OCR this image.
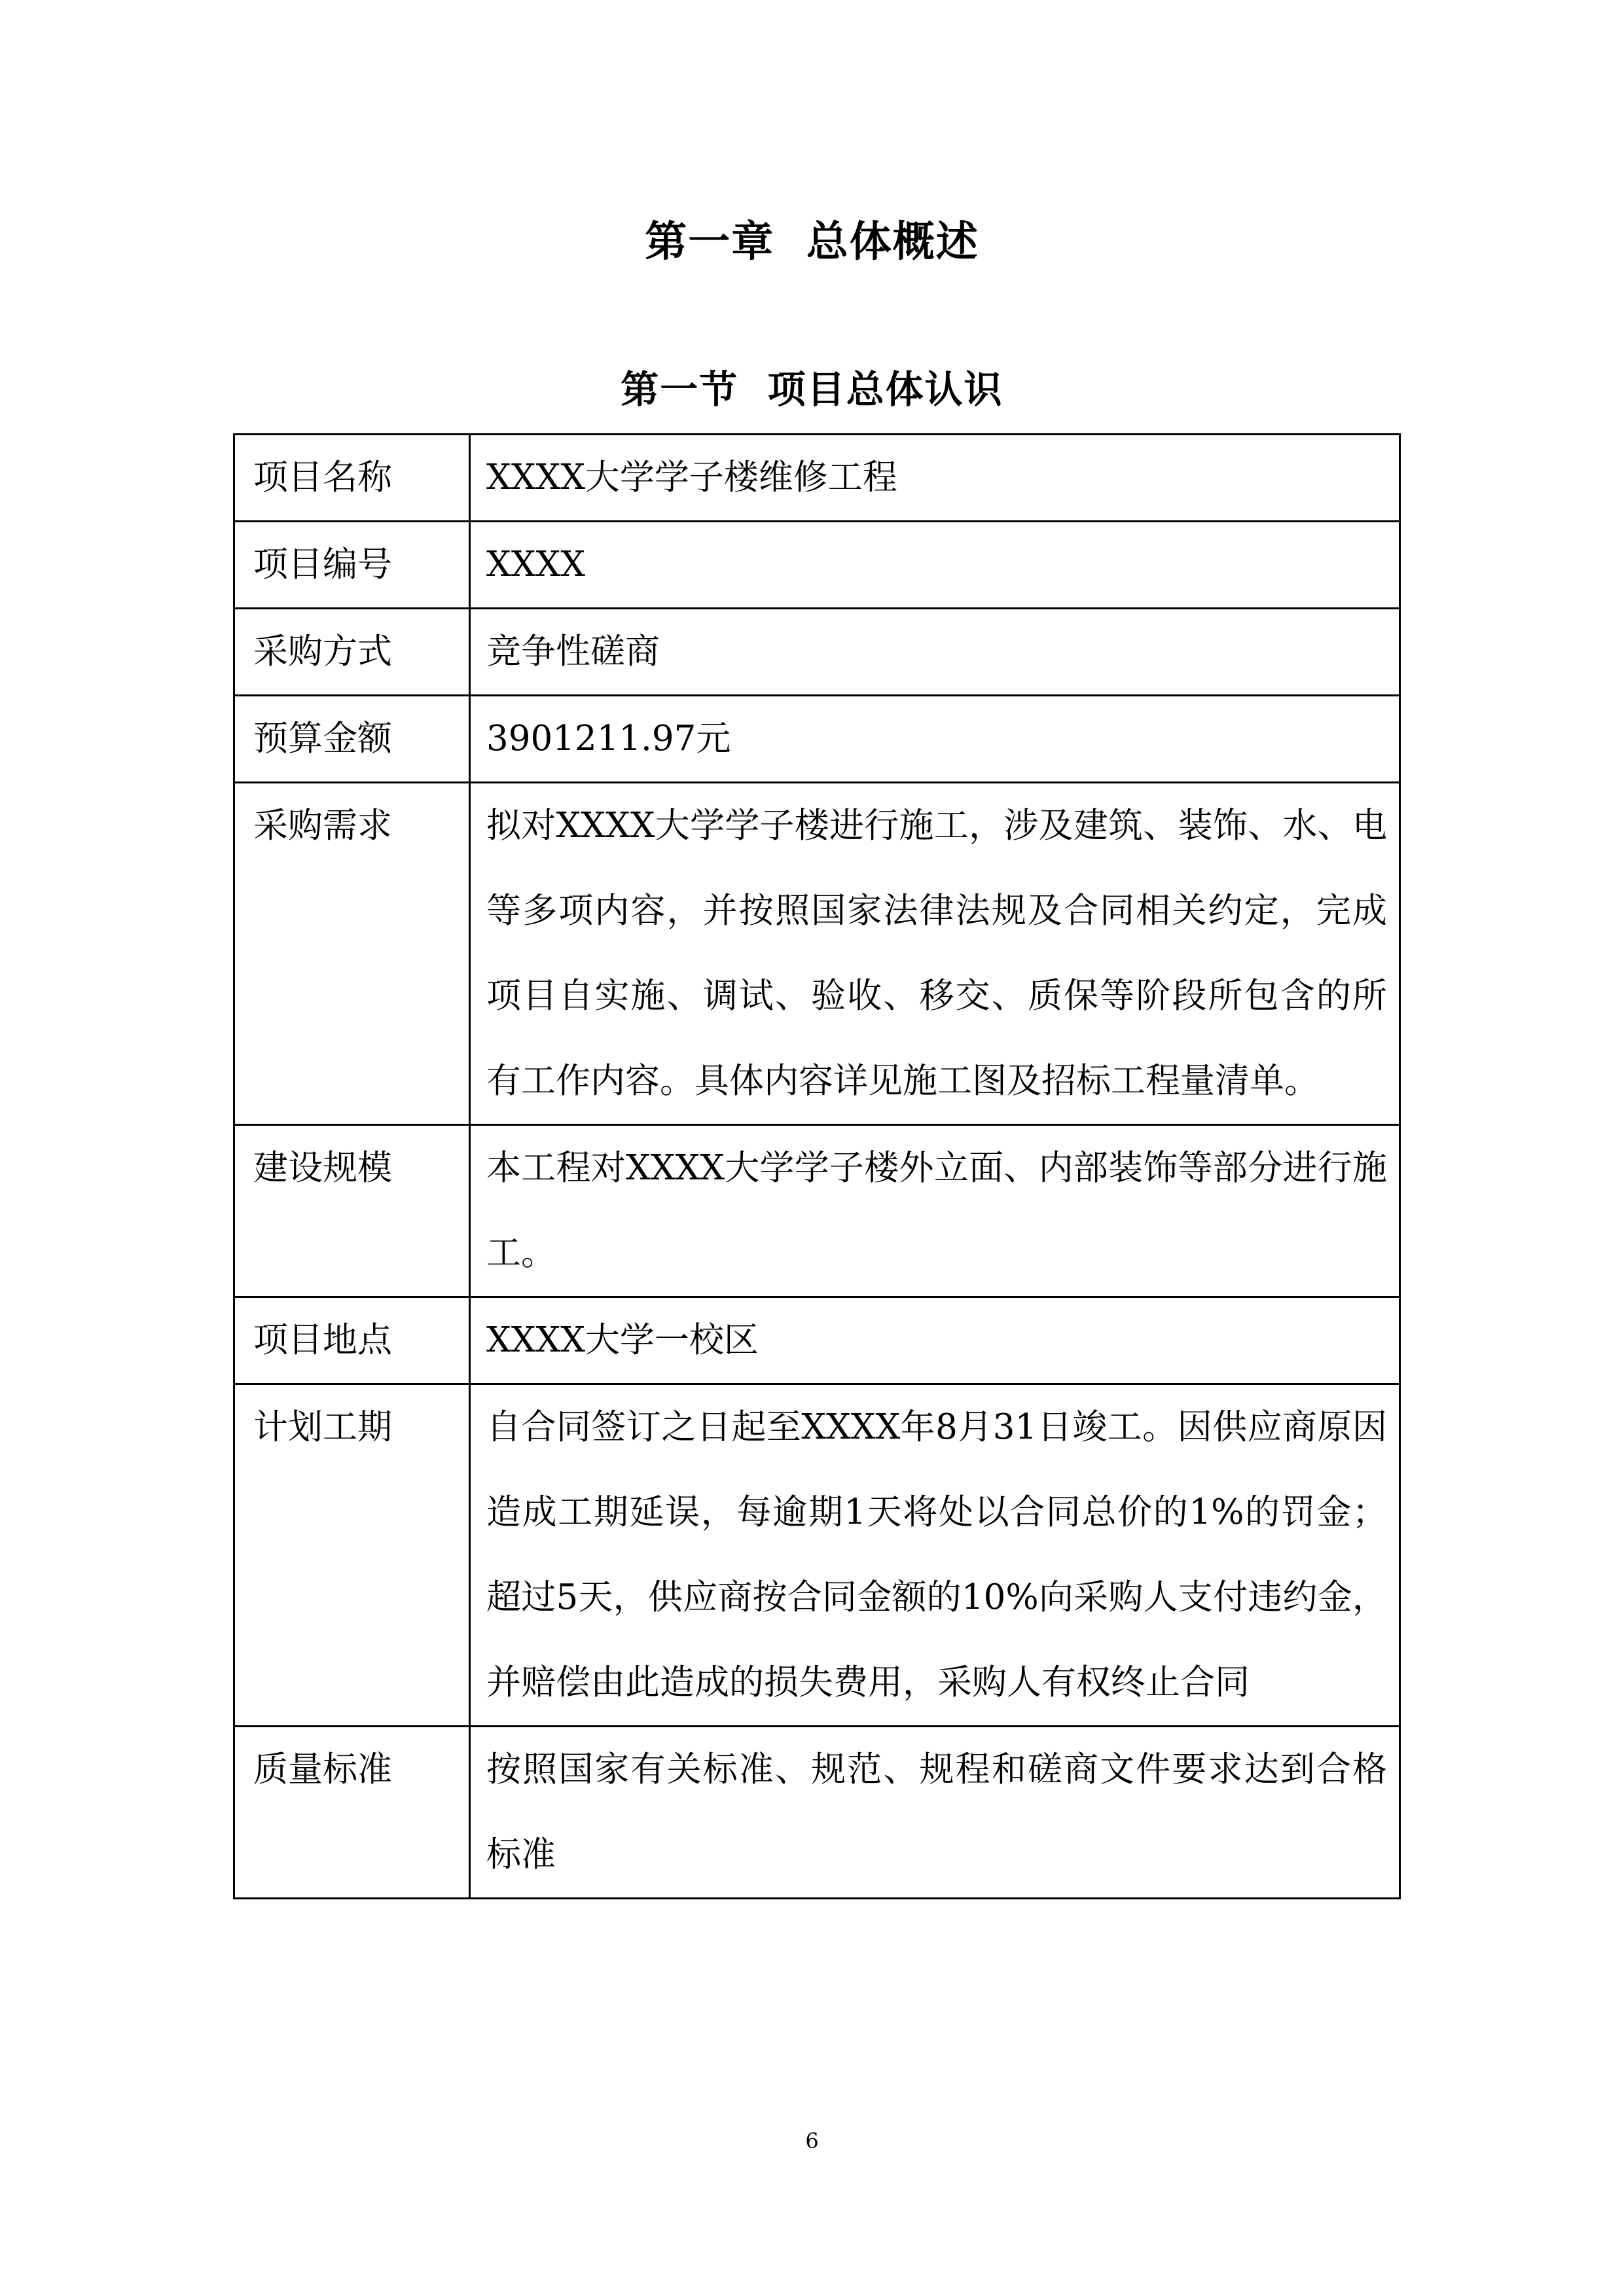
第一章  总体概述
第一节  项目总体认识
项目名称	XXXX大学学子楼维修工程
项目编号	XXXX
采购方式	竞争性磋商
预算金额	3901211.97元
采购需求	拟对XXXX大学学子楼进行施工，涉及建筑、装饰、水、电等多项内容，并按照国家法律法规及合同相关约定，完成项目自实施、调试、验收、移交、质保等阶段所包含的所有工作内容。具体内容详见施工图及招标工程量清单。
建设规模	本工程对XXXX大学学子楼外立面、内部装饰等部分进行施工。
项目地点	XXXX大学一校区
计划工期	自合同签订之日起至XXXX年8月31日竣工。因供应商原因造成工期延误，每逾期1天将处以合同总价的1%的罚金；超过5天，供应商按合同金额的10%向采购人支付违约金，并赔偿由此造成的损失费用，采购人有权终止合同
质量标准	按照国家有关标准、规范、规程和磋商文件要求达到合格标准
6
